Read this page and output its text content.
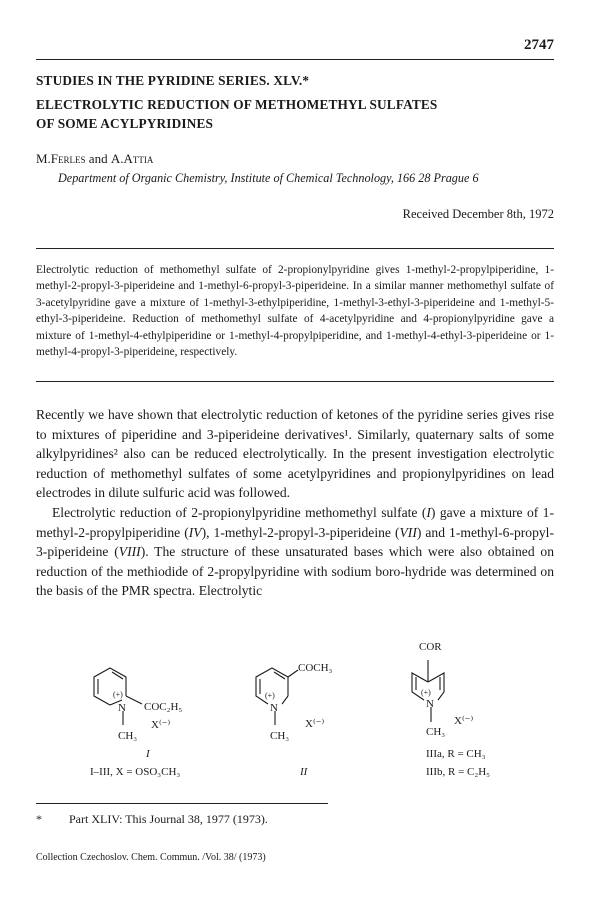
2747
STUDIES IN THE PYRIDINE SERIES. XLV.*
ELECTROLYTIC REDUCTION OF METHOMETHYL SULFATES
OF SOME ACYLPYRIDINES
M.Ferles and A.Attia
Department of Organic Chemistry, Institute of Chemical Technology, 166 28 Prague 6
Received December 8th, 1972
Electrolytic reduction of methomethyl sulfate of 2-propionylpyridine gives 1-methyl-2-propylpiperidine, 1-methyl-2-propyl-3-piperideine and 1-methyl-6-propyl-3-piperideine. In a similar manner methomethyl sulfate of 3-acetylpyridine gave a mixture of 1-methyl-3-ethylpiperidine, 1-methyl-3-ethyl-3-piperideine and 1-methyl-5-ethyl-3-piperideine. Reduction of methomethyl sulfate of 4-acetylpyridine and 4-propionylpyridine gave a mixture of 1-methyl-4-ethylpiperidine or 1-methyl-4-propylpiperidine, and 1-methyl-4-ethyl-3-piperideine or 1-methyl-4-propyl-3-piperideine, respectively.

Recently we have shown that electrolytic reduction of ketones of the pyridine series gives rise to mixtures of piperidine and 3-piperideine derivatives¹. Similarly, quaternary salts of some alkylpyridines² also can be reduced electrolytically. In the present investigation electrolytic reduction of methomethyl sulfates of some acetylpyridines and propionylpyridines on lead electrodes in dilute sulfuric acid was followed.

Electrolytic reduction of 2-propionylpyridine methomethyl sulfate (I) gave a mixture of 1-methyl-2-propylpiperidine (IV), 1-methyl-2-propyl-3-piperideine (VII) and 1-methyl-6-propyl-3-piperideine (VIII). The structure of these unsaturated bases which were also obtained on reduction of the methiodide of 2-propylpyridine with sodium boro-hydride was determined on the basis of the PMR spectra. Electrolytic

(+)
N COC₂H₅
X⁽⁻⁾
CH₃
I
I–III, X = OSO₃CH₃
(+)
N
COCH₃
X⁽⁻⁾
CH₃
II
COR
(+)
N
X⁽⁻⁾
CH₃
IIIa, R = CH₃
IIIb, R = C₂H₅
* Part XLIV: This Journal 38, 1977 (1973).
Collection Czechoslov. Chem. Commun. /Vol. 38/ (1973)
